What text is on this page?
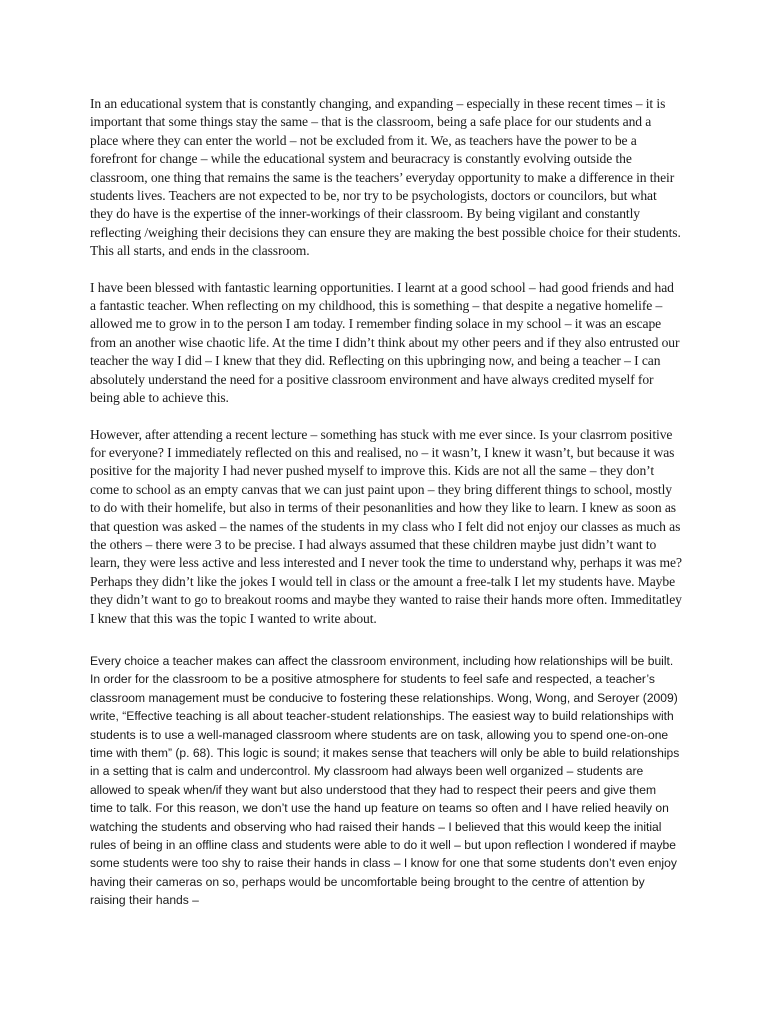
In an educational system that is constantly changing, and expanding – especially in these recent times – it is important that some things stay the same – that is the classroom, being a safe place for our students and a place where they can enter the world – not be excluded from it. We, as teachers have the power to be a forefront for change – while the educational system and beuracracy is constantly evolving outside the classroom, one thing that remains the same is the teachers’ everyday opportunity to make a difference in their students lives. Teachers are not expected to be, nor try to be psychologists, doctors or councilors, but what they do have is the expertise of the inner-workings of their classroom. By being vigilant and constantly reflecting /weighing their decisions they can ensure they are making the best possible choice for their students. This all starts, and ends in the classroom.

I have been blessed with fantastic learning opportunities. I learnt at a good school – had good friends and had a fantastic teacher. When reflecting on my childhood, this is something – that despite a negative homelife – allowed me to grow in to the person I am today. I remember finding solace in my school – it was an escape from an another wise chaotic life. At the time I didn’t think about my other peers and if they also entrusted our teacher the way I did – I knew that they did. Reflecting on this upbringing now, and being a teacher – I can absolutely understand the need for a positive classroom environment and have always credited myself for being able to achieve this.

However, after attending a recent lecture – something has stuck with me ever since. Is your clasrrom positive for everyone? I immediately reflected on this and realised, no – it wasn’t, I knew it wasn’t, but because it was positive for the majority I had never pushed myself to improve this. Kids are not all the same – they don’t come to school as an empty canvas that we can just paint upon – they bring different things to school, mostly to do with their homelife, but also in terms of their pesonanlities and how they like to learn. I knew as soon as that question was asked – the names of the students in my class who I felt did not enjoy our classes as much as the others – there were 3 to be precise. I had always assumed that these children maybe just didn’t want to learn, they were less active and less interested and I never took the time to understand why, perhaps it was me? Perhaps they didn’t like the jokes I would tell in class or the amount a free-talk I let my students have. Maybe they didn’t want to go to breakout rooms and maybe they wanted to raise their hands more often. Immeditatley I knew that this was the topic I wanted to write about.

Every choice a teacher makes can affect the classroom environment, including how relationships will be built. In order for the classroom to be a positive atmosphere for students to feel safe and respected, a teacher’s classroom management must be conducive to fostering these relationships. Wong, Wong, and Seroyer (2009) write, “Effective teaching is all about teacher-student relationships. The easiest way to build relationships with students is to use a well-managed classroom where students are on task, allowing you to spend one-on-one time with them” (p. 68). This logic is sound; it makes sense that teachers will only be able to build relationships in a setting that is calm and undercontrol. My classroom had always been well organized – students are allowed to speak when/if they want but also understood that they had to respect their peers and give them time to talk. For this reason, we don’t use the hand up feature on teams so often and I have relied heavily on watching the students and observing who had raised their hands – I believed that this would keep the initial rules of being in an offline class and students were able to do it well – but upon reflection I wondered if maybe some students were too shy to raise their hands in class – I know for one that some students don’t even enjoy having their cameras on so, perhaps would be uncomfortable being brought to the centre of attention by raising their hands –
